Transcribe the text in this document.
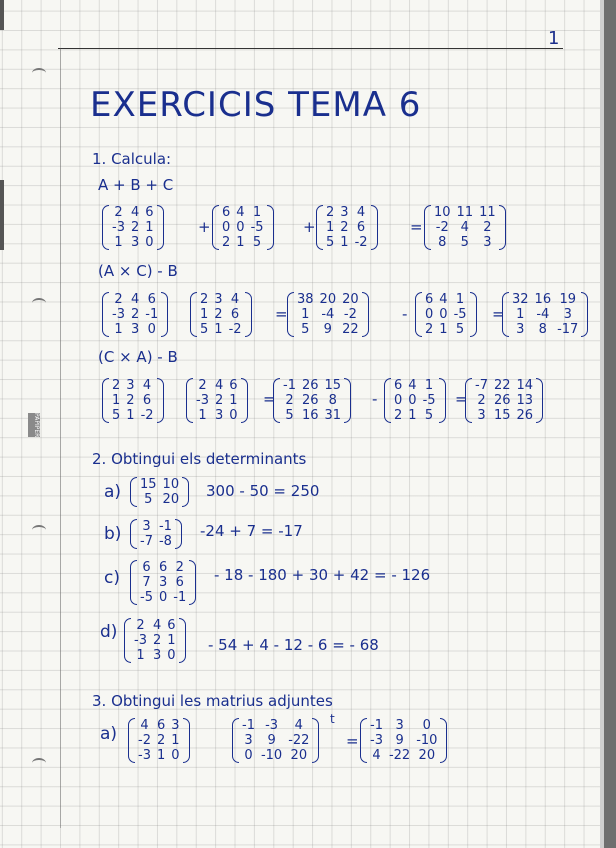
1
PAPIPER
EXERCICIS TEMA 6
1. Calcula:
A + B + C
2	4	6
-3	2	1
1	3	0
+
6	4	1
0	0	-5
2	1	5
+
2	3	4
1	2	6
5	1	-2
=
10	11	11
-2	4	2
8	5	3
(A × C) - B
2	4	6
-3	2	-1
1	3	0
2	3	4
1	2	6
5	1	-2
=
38	20	20
1	-4	-2
5	9	22
-
6	4	1
0	0	-5
2	1	5
=
32	16	19
1	-4	3
3	8	-17
(C × A) - B
2	3	4
1	2	6
5	1	-2
2	4	6
-3	2	1
1	3	0
=
-1	26	15
2	26	8
5	16	31
-
6	4	1
0	0	-5
2	1	5
=
-7	22	14
2	26	13
3	15	26
2. Obtingui els determinants
a) 15	10
5	20 300 - 50 = 250
b) 3	-1
-7	-8
-24 + 7 = -17
c)
6	6	2
7	3	6
-5	0	-1
- 18 - 180 + 30 + 42 = - 126
d) 2	4	6
-3	2	1
1	3	0
- 54 + 4 - 12 - 6 = - 68
3. Obtingui les matrius adjuntes
a) 4	6	3
-2	2	1
-3	1	0
-1	-3	4
3	9	-22
0	-10	20
t
=
-1	3	0
-3	9	-10
4	-22	20
